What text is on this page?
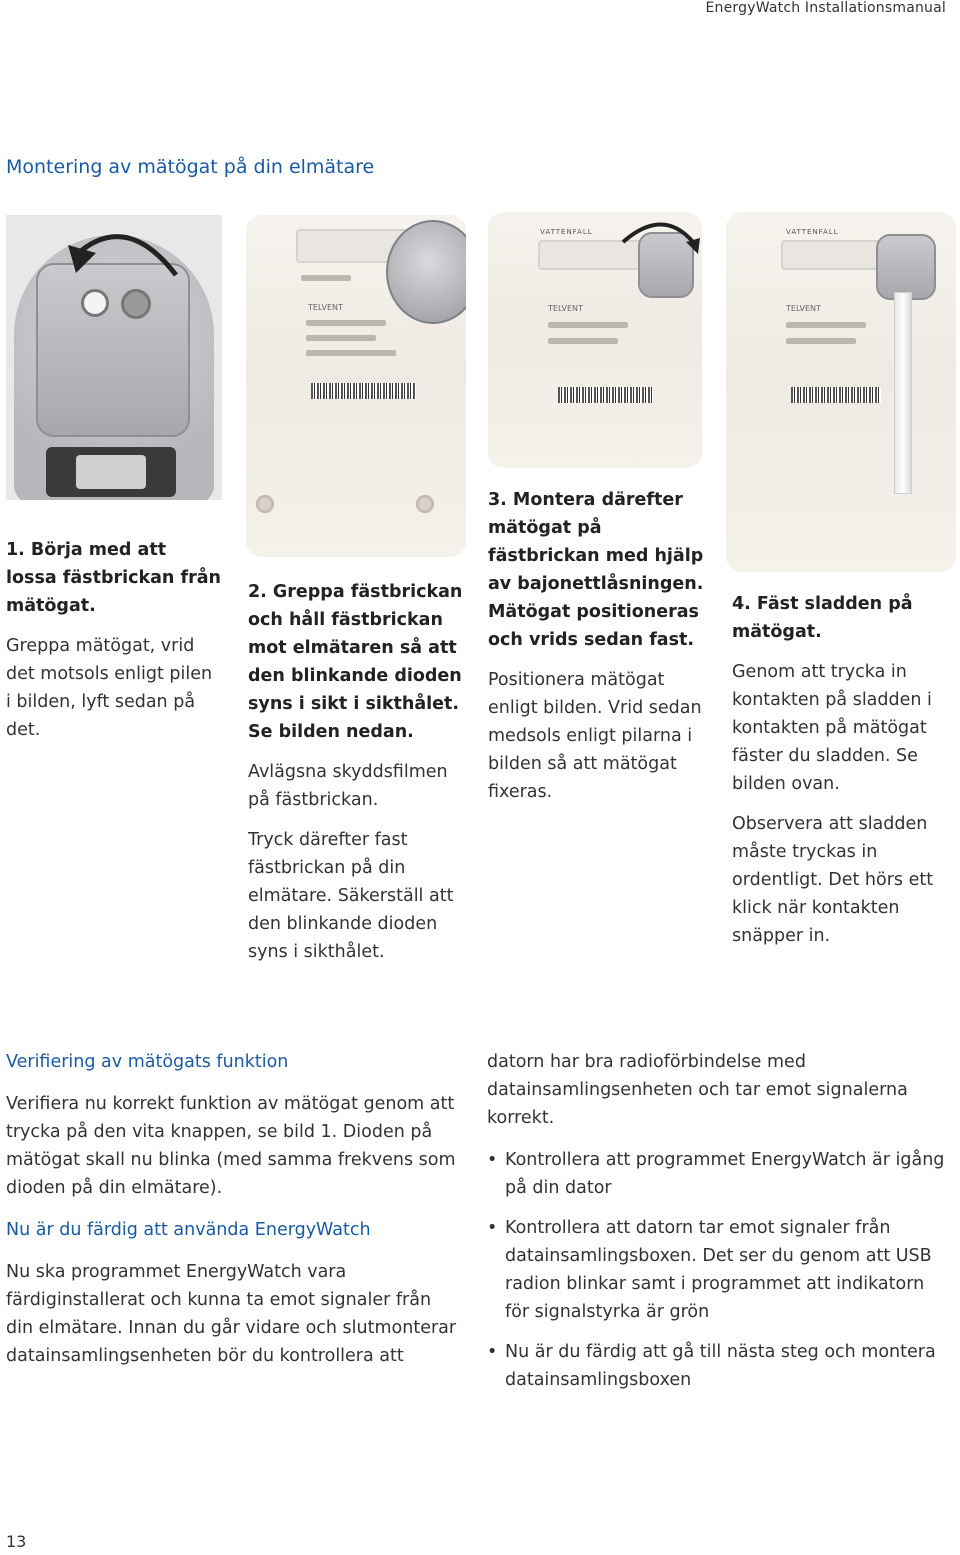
EnergyWatch Installationsmanual
Montering av mätögat på din elmätare
TELVENT
VATTENFALL
TELVENT
VATTENFALL
TELVENT

1. Börja med att lossa fästbrickan från mätögat.

Greppa mätögat, vrid det motsols enligt pilen i bilden, lyft sedan på det.

2. Greppa fästbrickan och håll fästbrickan mot elmätaren så att den blinkande dioden syns i sikt i sikthålet. Se bilden nedan.

Avlägsna skyddsfilmen på fästbrickan.

Tryck därefter fast fästbrickan på din elmätare. Säkerställ att den blinkande dioden syns i sikthålet.

3. Montera därefter mätögat på fästbrickan med hjälp av bajonettlåsningen. Mätögat positioneras och vrids sedan fast.

Positionera mätögat enligt bilden. Vrid sedan medsols enligt pilarna i bilden så att mätögat fixeras.

4. Fäst sladden på mätögat.

Genom att trycka in kontakten på sladden i kontakten på mätögat fäster du sladden. Se bilden ovan.

Observera att sladden måste tryckas in ordentligt. Det hörs ett klick när kontakten snäpper in.

Verifiering av mätögats funktion

Verifiera nu korrekt funktion av mätögat genom att trycka på den vita knappen, se bild 1. Dioden på mätögat skall nu blinka (med samma frekvens som dioden på din elmätare).

Nu är du färdig att använda EnergyWatch

Nu ska programmet EnergyWatch vara färdiginstallerat och kunna ta emot signaler från din elmätare. Innan du går vidare och slutmonterar datainsamlingsenheten bör du kontrollera att

datorn har bra radioförbindelse med datainsamlingsenheten och tar emot signalerna korrekt.

• Kontrollera att programmet EnergyWatch är igång på din dator
• Kontrollera att datorn tar emot signaler från datainsamlingsboxen. Det ser du genom att USB radion blinkar samt i programmet att indikatorn för signalstyrka är grön
• Nu är du färdig att gå till nästa steg och montera datainsamlingsboxen
13
